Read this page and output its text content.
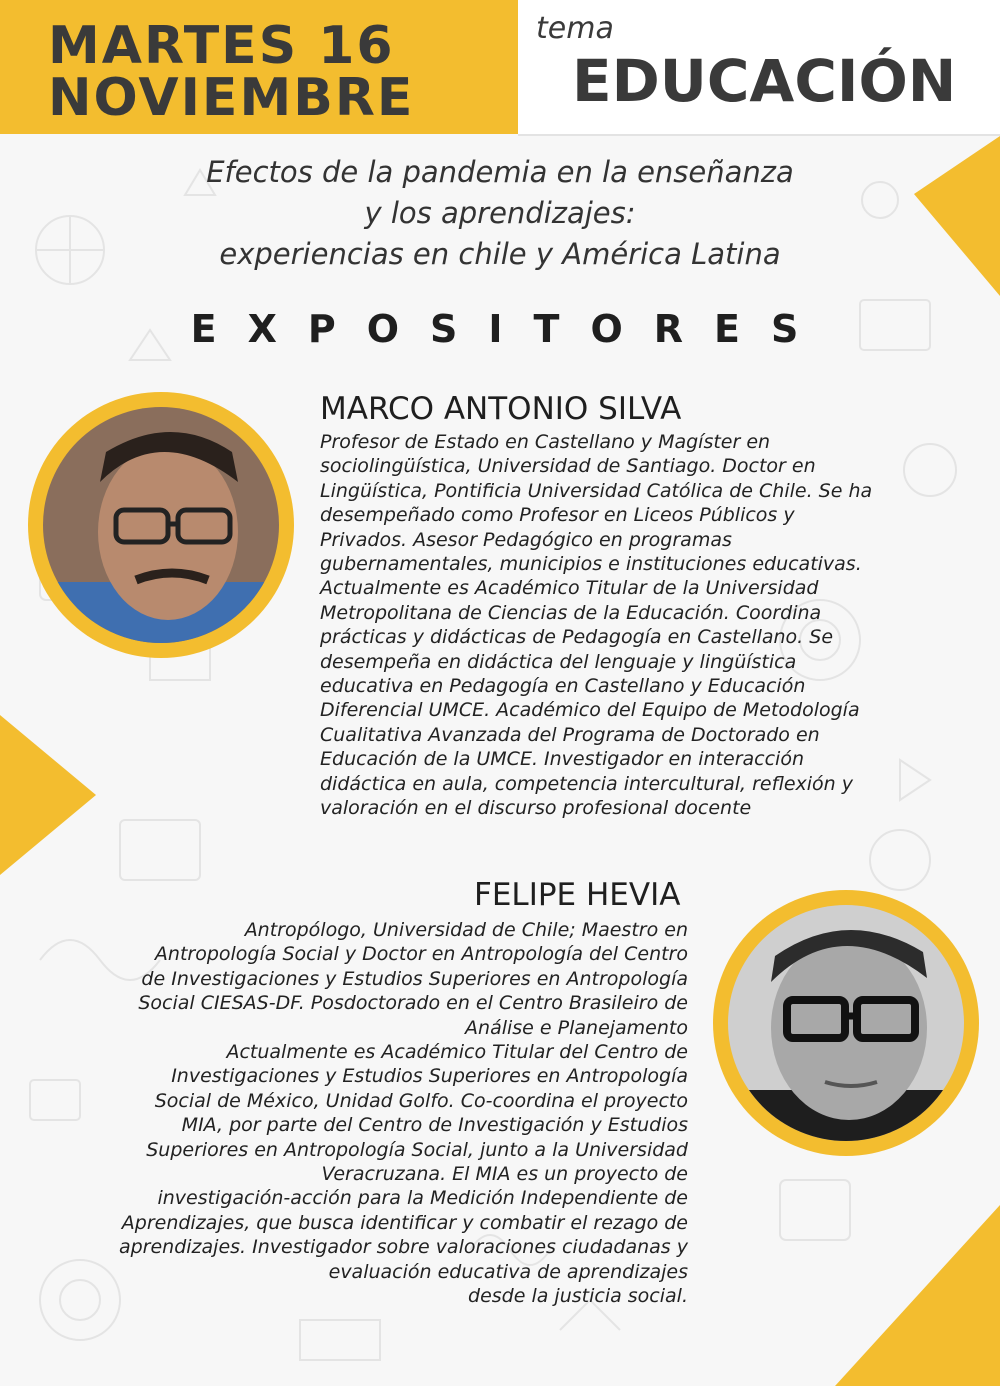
MARTES 16
NOVIEMBRE
tema
EDUCACIÓN
Efectos de la pandemia en la enseñanza
y los aprendizajes:
experiencias en chile y América Latina
EXPOSITORES
MARCO ANTONIO SILVA
Profesor de Estado en Castellano y Magíster en
sociolingüística, Universidad de Santiago. Doctor en
Lingüística, Pontificia Universidad Católica de Chile. Se ha
desempeñado como Profesor en Liceos Públicos y
Privados. Asesor Pedagógico en programas
gubernamentales, municipios e instituciones educativas.
Actualmente es Académico Titular de la Universidad
Metropolitana de Ciencias de la Educación. Coordina
prácticas y didácticas de Pedagogía en Castellano. Se
desempeña en didáctica del lenguaje y lingüística
educativa en Pedagogía en Castellano y Educación
Diferencial UMCE. Académico del Equipo de Metodología
Cualitativa Avanzada del Programa de Doctorado en
Educación de la UMCE. Investigador en interacción
didáctica en aula, competencia intercultural, reflexión y
valoración en el discurso profesional docente
FELIPE HEVIA
Antropólogo, Universidad de Chile; Maestro en
Antropología Social y Doctor en Antropología del Centro
de Investigaciones y Estudios Superiores en Antropología
Social CIESAS-DF. Posdoctorado en el Centro Brasileiro de
Análise e Planejamento
Actualmente es Académico Titular del Centro de
Investigaciones y Estudios Superiores en Antropología
Social de México, Unidad Golfo. Co-coordina el proyecto
MIA, por parte del Centro de Investigación y Estudios
Superiores en Antropología Social, junto a la Universidad
Veracruzana. El MIA es un proyecto de
investigación-acción para la Medición Independiente de
Aprendizajes, que busca identificar y combatir el rezago de
aprendizajes. Investigador sobre valoraciones ciudadanas y
evaluación educativa de aprendizajes
desde la justicia social.
